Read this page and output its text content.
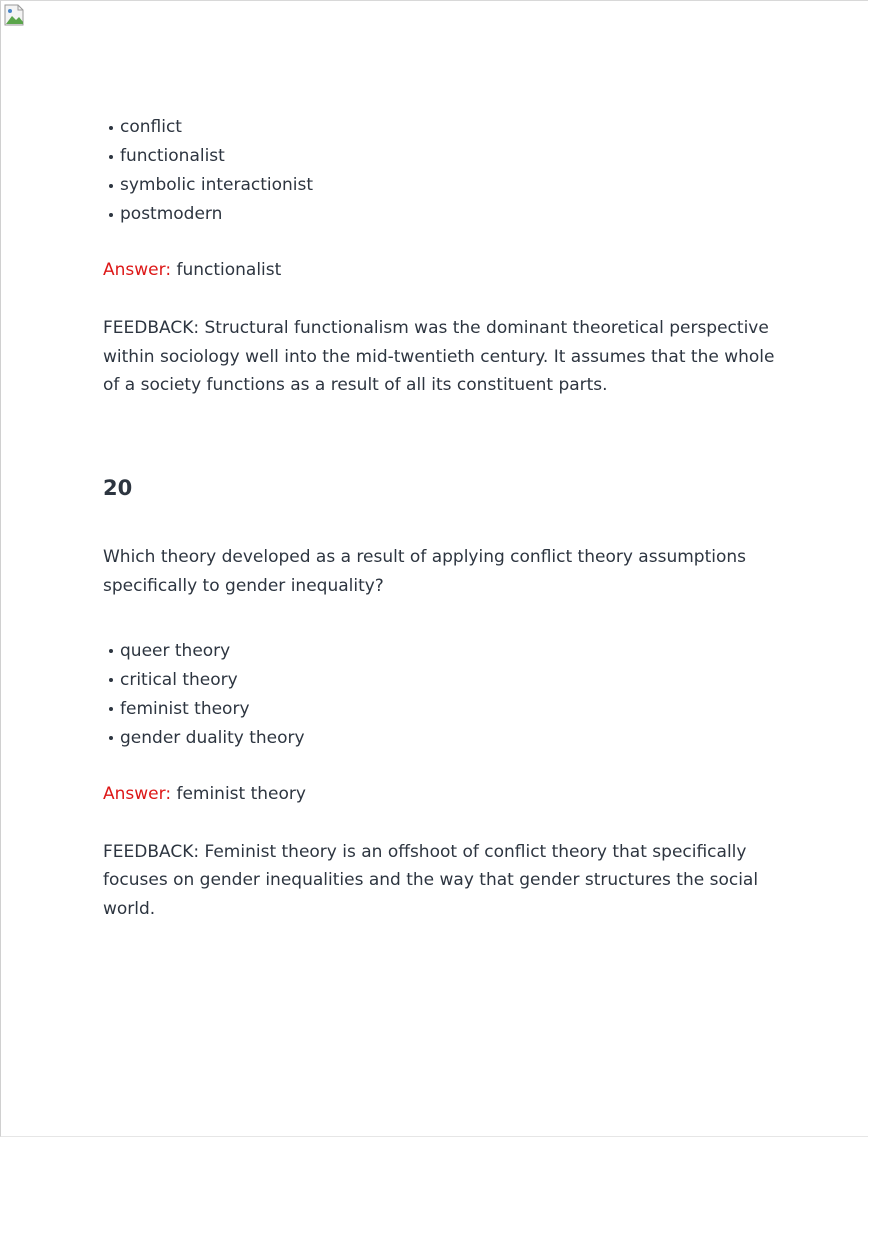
conflict
functionalist
symbolic interactionist
postmodern

Answer: functionalist

FEEDBACK: Structural functionalism was the dominant theoretical perspective within sociology well into the mid-twentieth century. It assumes that the whole of a society functions as a result of all its constituent parts.

20

Which theory developed as a result of applying conflict theory assumptions specifically to gender inequality?

queer theory
critical theory
feminist theory
gender duality theory

Answer: feminist theory

FEEDBACK: Feminist theory is an offshoot of conflict theory that specifically focuses on gender inequalities and the way that gender structures the social world.
